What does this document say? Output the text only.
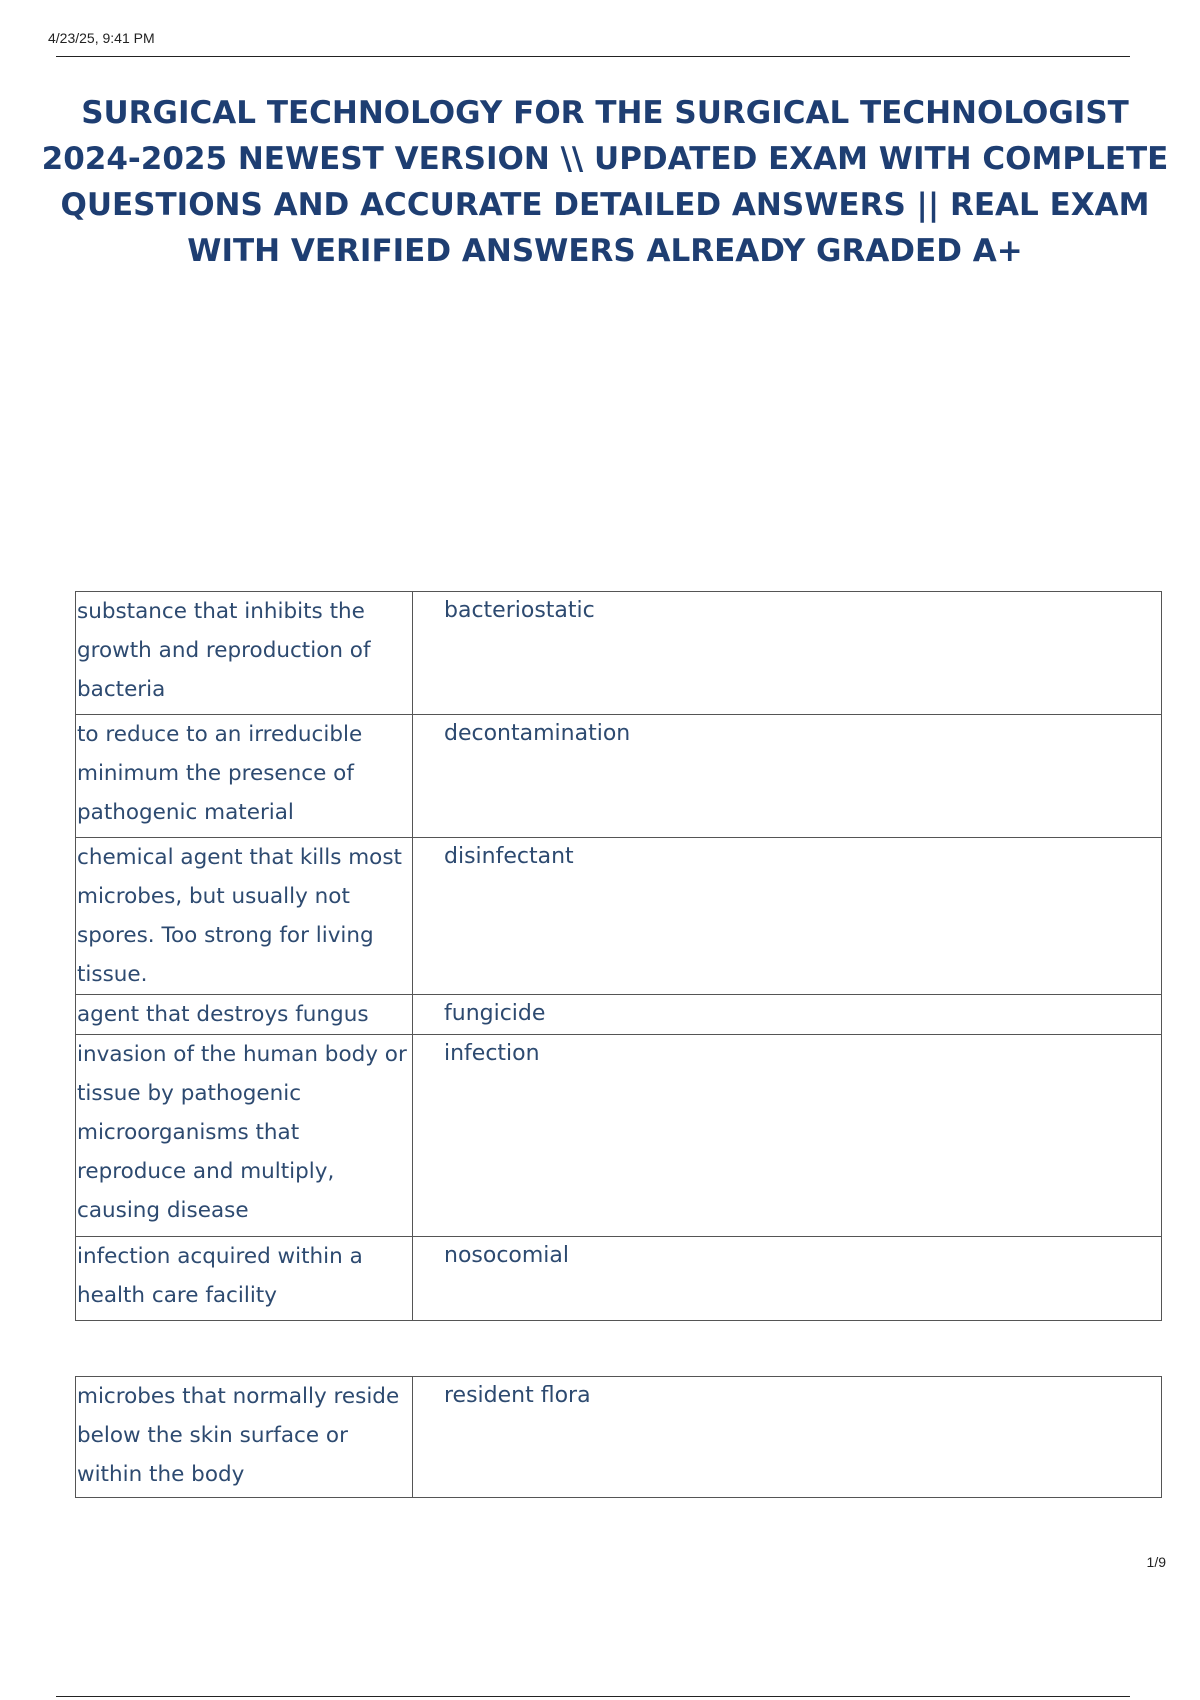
4/23/25, 9:41 PM
SURGICAL TECHNOLOGY FOR THE SURGICAL TECHNOLOGIST 2024-2025 NEWEST VERSION \\ UPDATED EXAM WITH COMPLETE QUESTIONS AND ACCURATE DETAILED ANSWERS || REAL EXAM WITH VERIFIED ANSWERS ALREADY GRADED A+
substance that inhibits the growth and reproduction of bacteria	bacteriostatic
to reduce to an irreducible minimum the presence of pathogenic material	decontamination
chemical agent that kills most microbes, but usually not spores. Too strong for living tissue.	disinfectant
agent that destroys fungus	fungicide
invasion of the human body or tissue by pathogenic microorganisms that reproduce and multiply, causing disease	infection
infection acquired within a health care facility	nosocomial
microbes that normally reside below the skin surface or within the body	resident flora
1/9
